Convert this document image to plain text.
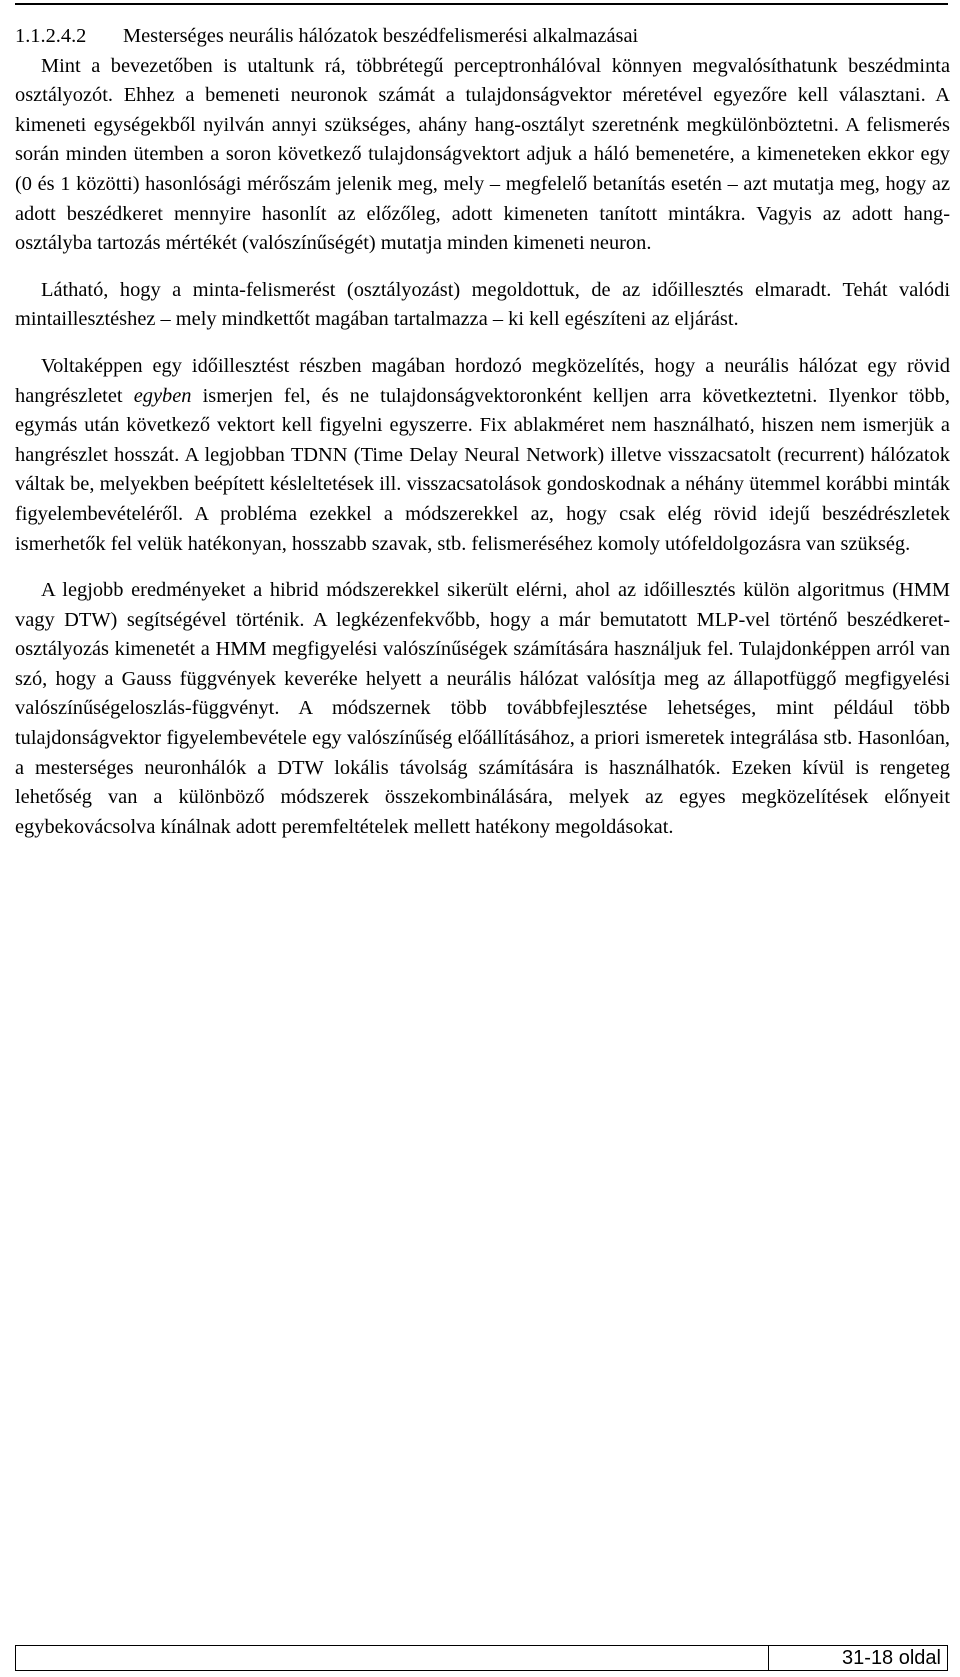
1.1.2.4.2 Mesterséges neurális hálózatok beszédfelismerési alkalmazásai

Mint a bevezetőben is utaltunk rá, többrétegű perceptronhálóval könnyen megvalósíthatunk beszédminta osztályozót. Ehhez a bemeneti neuronok számát a tulajdonságvektor méretével egyezőre kell választani. A kimeneti egységekből nyilván annyi szükséges, ahány hang-osztályt szeretnénk megkülönböztetni. A felismerés során minden ütemben a soron következő tulajdonságvektort adjuk a háló bemenetére, a kimeneteken ekkor egy (0 és 1 közötti) hasonlósági mérőszám jelenik meg, mely – megfelelő betanítás esetén – azt mutatja meg, hogy az adott beszédkeret mennyire hasonlít az előzőleg, adott kimeneten tanított mintákra. Vagyis az adott hang-osztályba tartozás mértékét (valószínűségét) mutatja minden kimeneti neuron.

Látható, hogy a minta-felismerést (osztályozást) megoldottuk, de az időillesztés elmaradt. Tehát valódi mintaillesztéshez – mely mindkettőt magában tartalmazza – ki kell egészíteni az eljárást.

Voltaképpen egy időillesztést részben magában hordozó megközelítés, hogy a neurális hálózat egy rövid hangrészletet egyben ismerjen fel, és ne tulajdonságvektoronként kelljen arra következtetni. Ilyenkor több, egymás után következő vektort kell figyelni egyszerre. Fix ablakméret nem használható, hiszen nem ismerjük a hangrészlet hosszát. A legjobban TDNN (Time Delay Neural Network) illetve visszacsatolt (recurrent) hálózatok váltak be, melyekben beépített késleltetések ill. visszacsatolások gondoskodnak a néhány ütemmel korábbi minták figyelembevételéről. A probléma ezekkel a módszerekkel az, hogy csak elég rövid idejű beszédrészletek ismerhetők fel velük hatékonyan, hosszabb szavak, stb. felismeréséhez komoly utófeldolgozásra van szükség.

A legjobb eredményeket a hibrid módszerekkel sikerült elérni, ahol az időillesztés külön algoritmus (HMM vagy DTW) segítségével történik. A legkézenfekvőbb, hogy a már bemutatott MLP-vel történő beszédkeret-osztályozás kimenetét a HMM megfigyelési valószínűségek számítására használjuk fel. Tulajdonképpen arról van szó, hogy a Gauss függvények keveréke helyett a neurális hálózat valósítja meg az állapotfüggő megfigyelési valószínűségeloszlás-függvényt. A módszernek több továbbfejlesztése lehetséges, mint például több tulajdonságvektor figyelembevétele egy valószínűség előállításához, a priori ismeretek integrálása stb. Hasonlóan, a mesterséges neuronhálók a DTW lokális távolság számítására is használhatók. Ezeken kívül is rengeteg lehetőség van a különböző módszerek összekombinálására, melyek az egyes megközelítések előnyeit egybekovácsolva kínálnak adott peremfeltételek mellett hatékony megoldásokat.

31-18 oldal
